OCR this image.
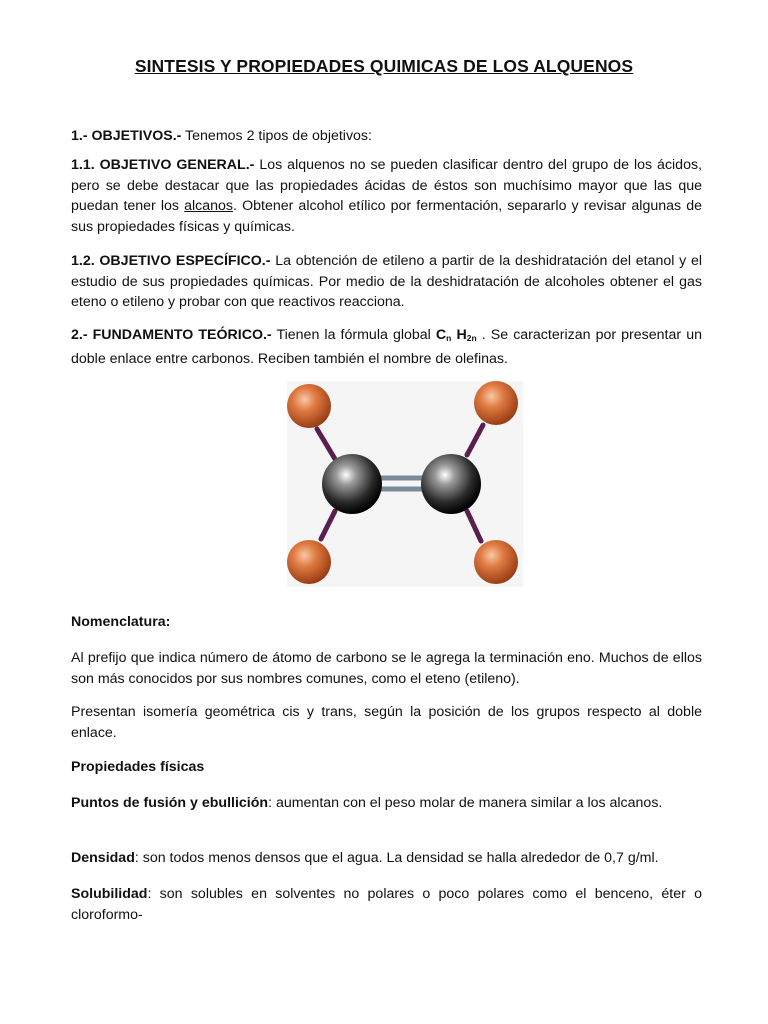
SINTESIS Y PROPIEDADES QUIMICAS DE LOS ALQUENOS

1.- OBJETIVOS.- Tenemos 2 tipos de objetivos:

1.1. OBJETIVO GENERAL.- Los alquenos no se pueden clasificar dentro del grupo de los ácidos, pero se debe destacar que las propiedades ácidas de éstos son muchísimo mayor que las que puedan tener los alcanos. Obtener alcohol etílico por fermentación, separarlo y revisar algunas de sus propiedades físicas y químicas.

1.2. OBJETIVO ESPECÍFICO.- La obtención de etileno a partir de la deshidratación del etanol y el estudio de sus propiedades químicas. Por medio de la deshidratación de alcoholes obtener el gas eteno o etileno y probar con que reactivos reacciona.

2.- FUNDAMENTO TEÓRICO.- Tienen la fórmula global $C_n$ $H_{2n}$ . Se caracterizan por presentar un doble enlace entre carbonos. Reciben también el nombre de olefinas.

Nomenclatura:

Al prefijo que indica número de átomo de carbono se le agrega la terminación eno. Muchos de ellos son más conocidos por sus nombres comunes, como el eteno (etileno).

Presentan isomería geométrica cis y trans, según la posición de los grupos respecto al doble enlace.

Propiedades físicas

Puntos de fusión y ebullición: aumentan con el peso molar de manera similar a los alcanos.

Densidad: son todos menos densos que el agua. La densidad se halla alrededor de 0,7 g/ml.

Solubilidad: son solubles en solventes no polares o poco polares como el benceno, éter o cloroformo-
